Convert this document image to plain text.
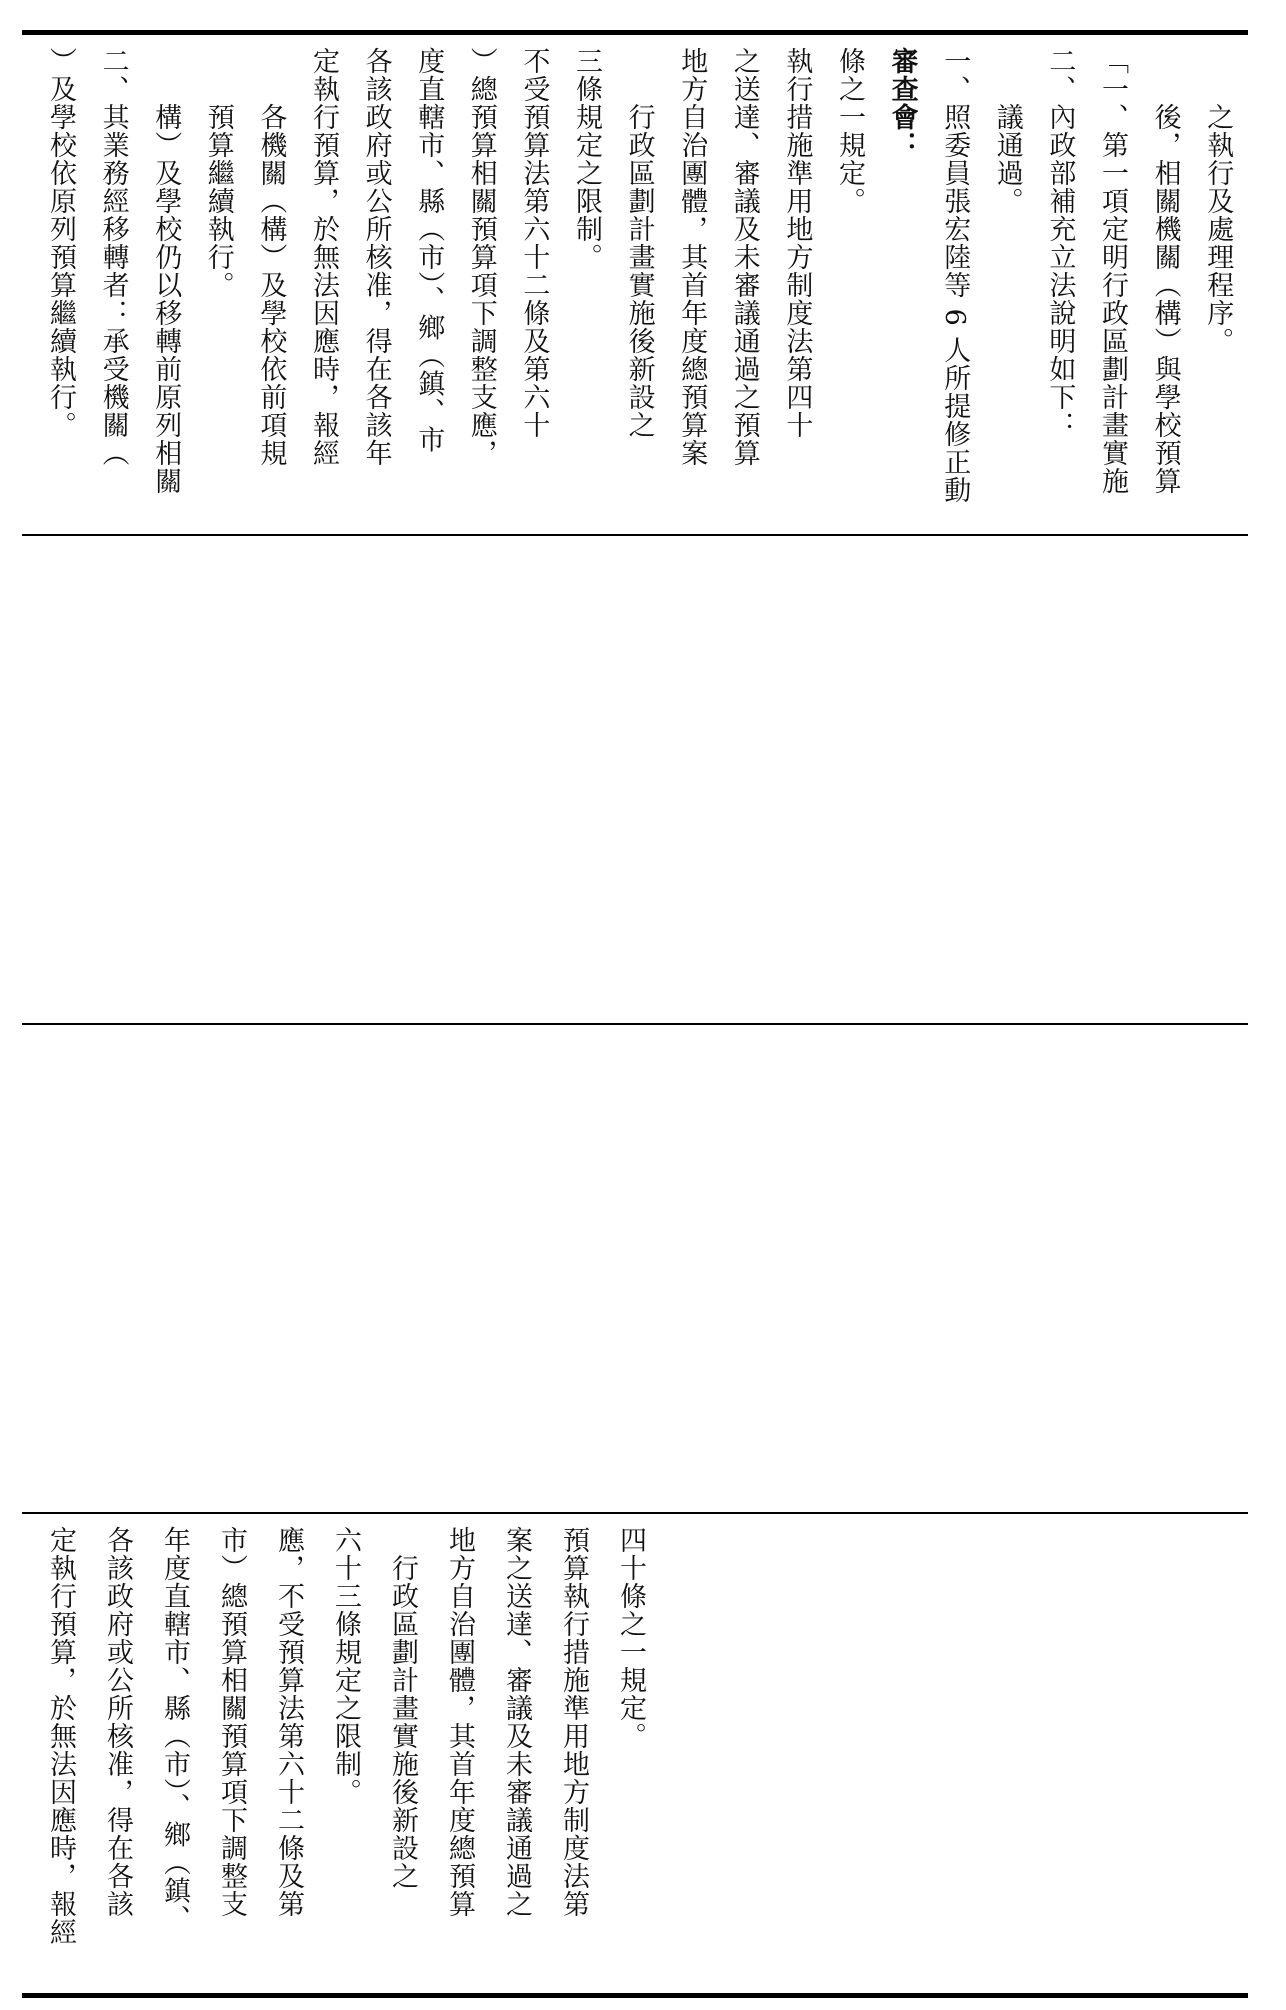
）及學校依原列預算繼續執行。 二、其業務經移轉者：承受機關（ 構）及學校仍以移轉前原列相關 預算繼續執行。 各機關（構）及學校依前項規 定執行預算，於無法因應時，報經 各該政府或公所核准，得在各該年 度直轄市、縣（市）、鄉（鎮、市 ）總預算相關預算項下調整支應， 不受預算法第六十二條及第六十 三條規定之限制。 行政區劃計畫實施後新設之 地方自治團體，其首年度總預算案 之送達、審議及未審議通過之預算 執行措施準用地方制度法第四十 條之一規定。 審查會： 一、照委員張宏陸等 6 人所提修正動 議通過。 二、內政部補充立法說明如下： 「一、第一項定明行政區劃計畫實施 後，相關機關（構）與學校預算 之執行及處理程序。
定執行預算，於無法因應時，報經 各該政府或公所核准，得在各該 年度直轄市、縣（市）、鄉（鎮、 市）總預算相關預算項下調整支 應，不受預算法第六十二條及第 六十三條規定之限制。 行政區劃計畫實施後新設之 地方自治團體，其首年度總預算 案之送達、審議及未審議通過之 預算執行措施準用地方制度法第 四十條之一規定。
